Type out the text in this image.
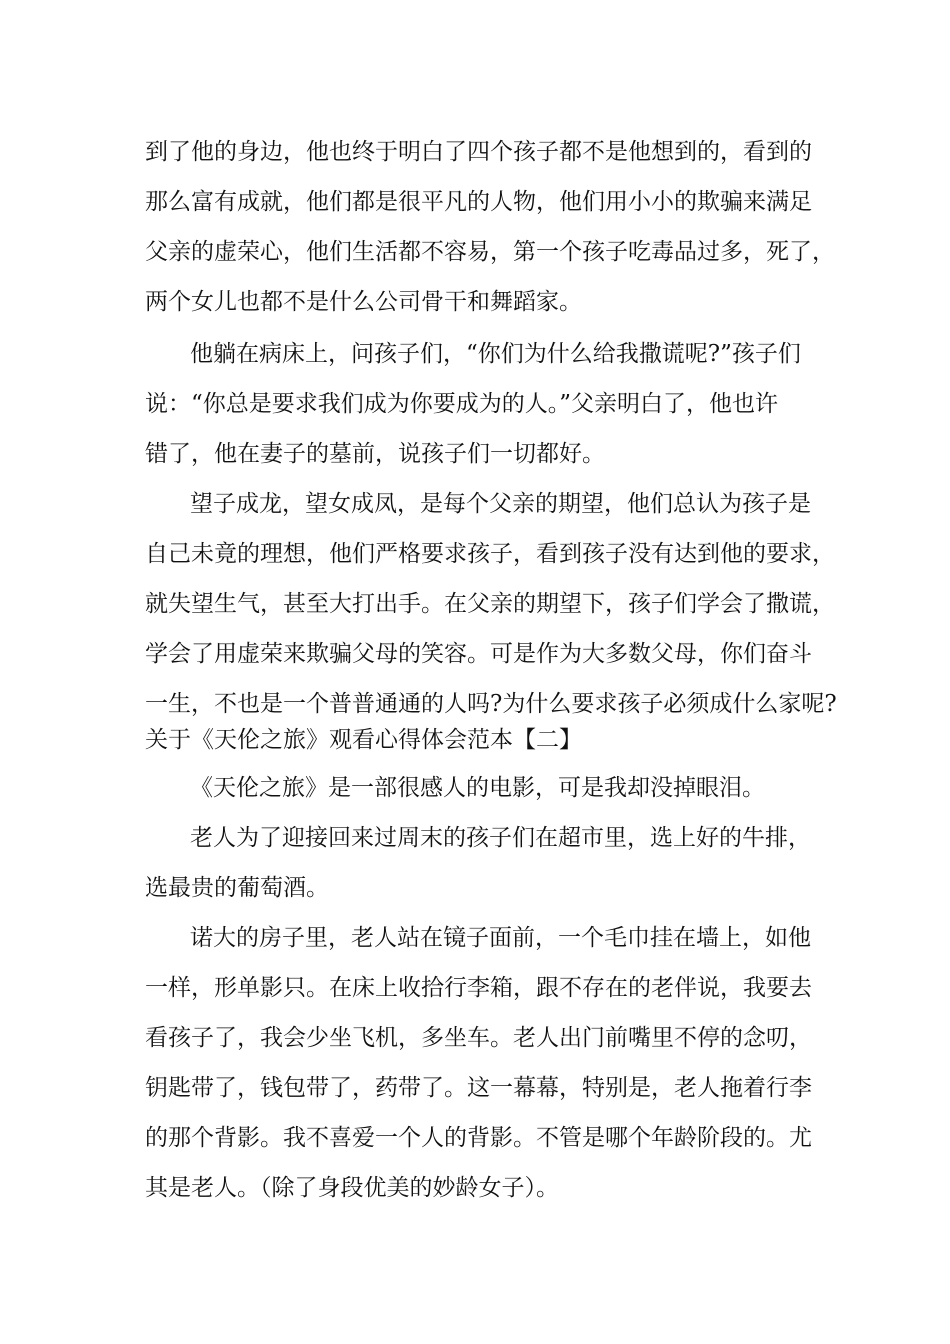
到了他的身边，他也终于明白了四个孩子都不是他想到的，看到的
那么富有成就，他们都是很平凡的人物，他们用小小的欺骗来满足
父亲的虚荣心，他们生活都不容易，第一个孩子吃毒品过多，死了，
两个女儿也都不是什么公司骨干和舞蹈家。
他躺在病床上，问孩子们，“你们为什么给我撒谎呢?”孩子们
说：“你总是要求我们成为你要成为的人。”父亲明白了，他也许
错了，他在妻子的墓前，说孩子们一切都好。
望子成龙，望女成凤，是每个父亲的期望，他们总认为孩子是
自己未竟的理想，他们严格要求孩子，看到孩子没有达到他的要求，
就失望生气，甚至大打出手。在父亲的期望下，孩子们学会了撒谎，
学会了用虚荣来欺骗父母的笑容。可是作为大多数父母，你们奋斗
一生，不也是一个普普通通的人吗?为什么要求孩子必须成什么家呢?
关于《天伦之旅》观看心得体会范本【二】
《天伦之旅》是一部很感人的电影，可是我却没掉眼泪。
老人为了迎接回来过周末的孩子们在超市里，选上好的牛排，
选最贵的葡萄酒。
诺大的房子里，老人站在镜子面前，一个毛巾挂在墙上，如他
一样，形单影只。在床上收拾行李箱，跟不存在的老伴说，我要去
看孩子了，我会少坐飞机，多坐车。老人出门前嘴里不停的念叨，
钥匙带了，钱包带了，药带了。这一幕幕，特别是，老人拖着行李
的那个背影。我不喜爱一个人的背影。不管是哪个年龄阶段的。尤
其是老人。（除了身段优美的妙龄女子）。
